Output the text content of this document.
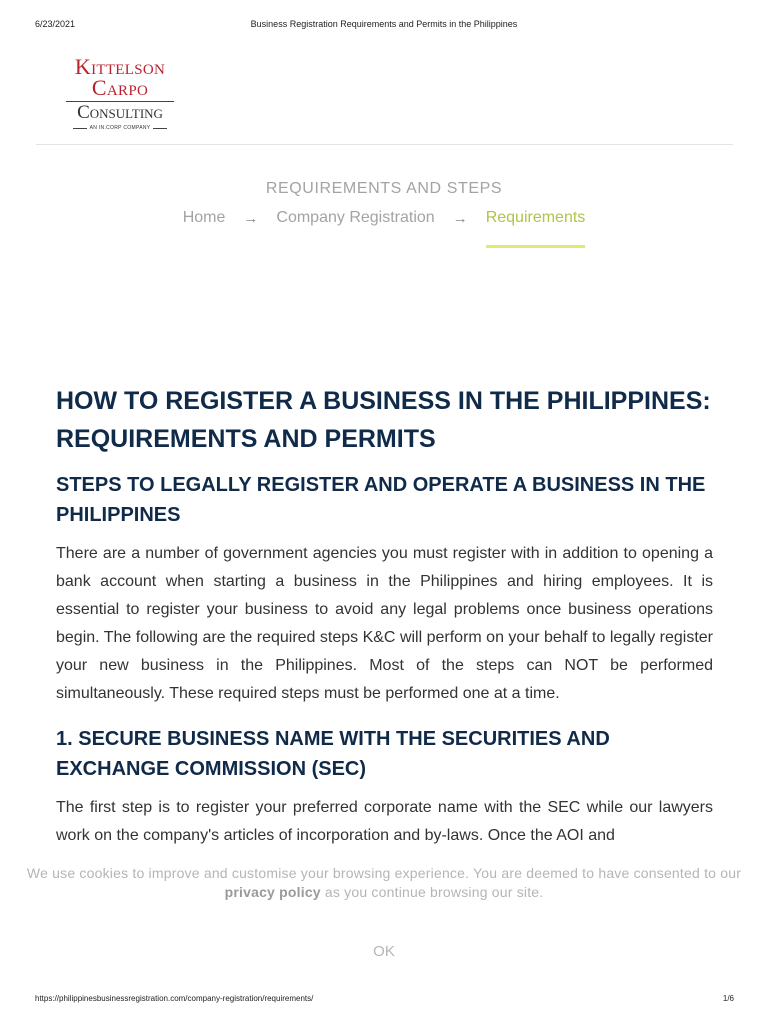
6/23/2021	Business Registration Requirements and Permits in the Philippines
Kittelson
Carpo
Consulting
AN IN.CORP COMPANY
REQUIREMENTS AND STEPS
Home → Company Registration → Requirements
HOW TO REGISTER A BUSINESS IN THE PHILIPPINES: REQUIREMENTS AND PERMITS
STEPS TO LEGALLY REGISTER AND OPERATE A BUSINESS IN THE PHILIPPINES

There are a number of government agencies you must register with in addition to opening a bank account when starting a business in the Philippines and hiring employees. It is essential to register your business to avoid any legal problems once business operations begin. The following are the required steps K&C will perform on your behalf to legally register your new business in the Philippines. Most of the steps can NOT be performed simultaneously. These required steps must be performed one at a time.

1. SECURE BUSINESS NAME WITH THE SECURITIES AND EXCHANGE COMMISSION (SEC)

The first step is to register your preferred corporate name with the SEC while our lawyers work on the company's articles of incorporation and by-laws. Once the AOI and

We use cookies to improve and customise your browsing experience. You are deemed to have consented to our privacy policy as you continue browsing our site.
OK
https://philippinesbusinessregistration.com/company-registration/requirements/	1/6
